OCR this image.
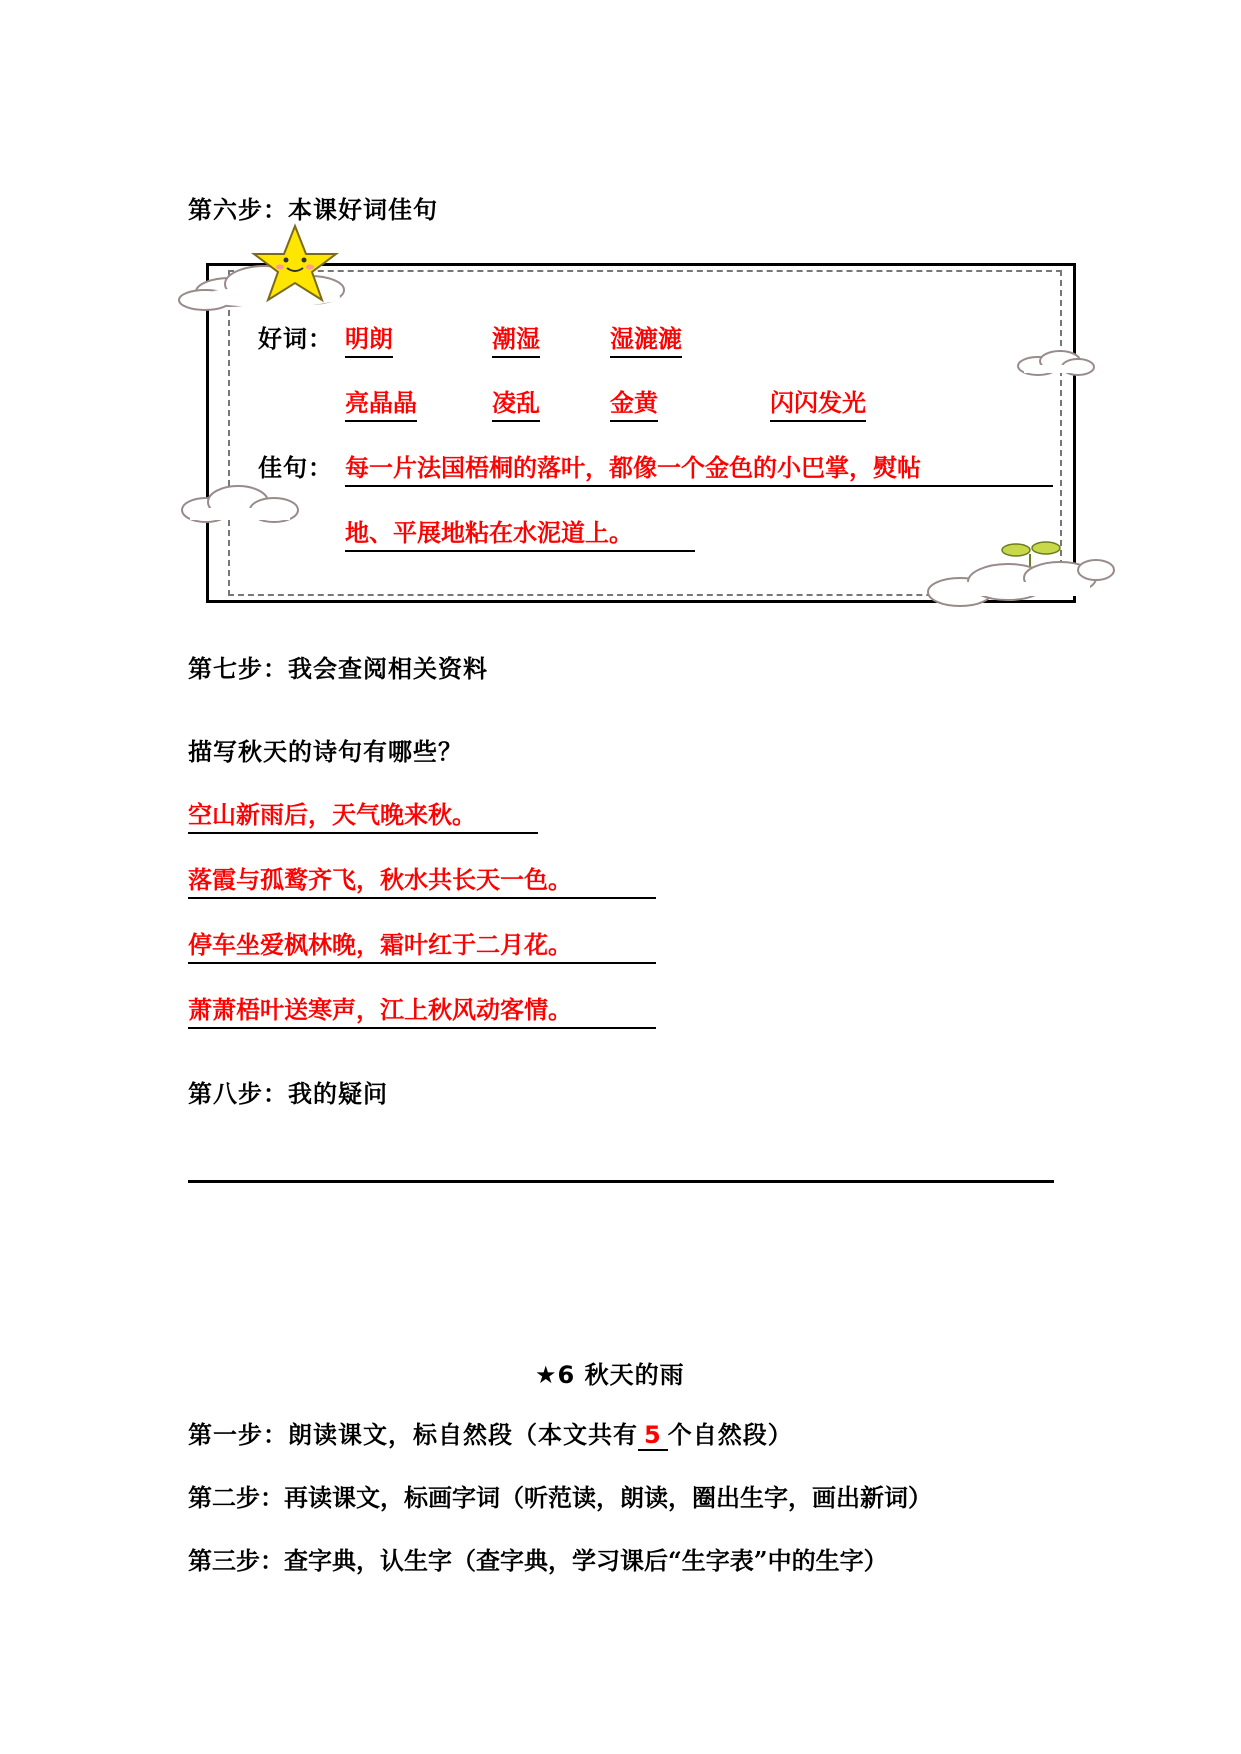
第六步：本课好词佳句
好词： 明朗	潮湿	湿漉漉
亮晶晶	凌乱	金黄	闪闪发光
佳句： 每一片法国梧桐的落叶，都像一个金色的小巴掌，熨帖
地、平展地粘在水泥道上。
第七步：我会查阅相关资料
描写秋天的诗句有哪些？
空山新雨后，天气晚来秋。
落霞与孤鹜齐飞，秋水共长天一色。
停车坐爱枫林晚，霜叶红于二月花。
萧萧梧叶送寒声，江上秋风动客情。
第八步：我的疑问
★6 秋天的雨
第一步：朗读课文，标自然段（本文共有 5 个自然段）
第二步：再读课文，标画字词（听范读，朗读，圈出生字，画出新词）
第三步：查字典，认生字（查字典，学习课后“生字表”中的生字）
